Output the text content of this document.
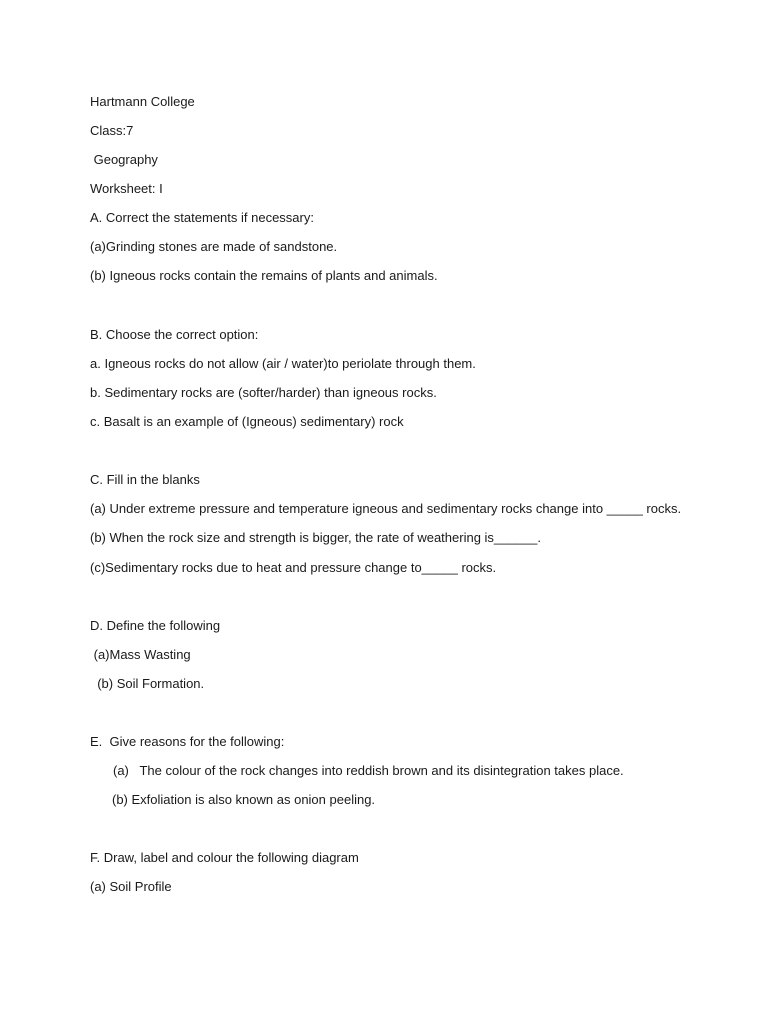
Hartmann College
Class:7
Geography
Worksheet: I
A. Correct the statements if necessary:
(a)Grinding stones are made of sandstone.
(b) Igneous rocks contain the remains of plants and animals.
B. Choose the correct option:
a. Igneous rocks do not allow (air / water)to periolate through them.
b. Sedimentary rocks are (softer/harder) than igneous rocks.
c. Basalt is an example of (Igneous) sedimentary) rock
C. Fill in the blanks
(a) Under extreme pressure and temperature igneous and sedimentary rocks change into _____ rocks.
(b) When the rock size and strength is bigger, the rate of weathering is______.
(c)Sedimentary rocks due to heat and pressure change to_____ rocks.
D. Define the following
(a)Mass Wasting
(b) Soil Formation.
E.  Give reasons for the following:
(a)   The colour of the rock changes into reddish brown and its disintegration takes place.
(b) Exfoliation is also known as onion peeling.
F. Draw, label and colour the following diagram
(a) Soil Profile
